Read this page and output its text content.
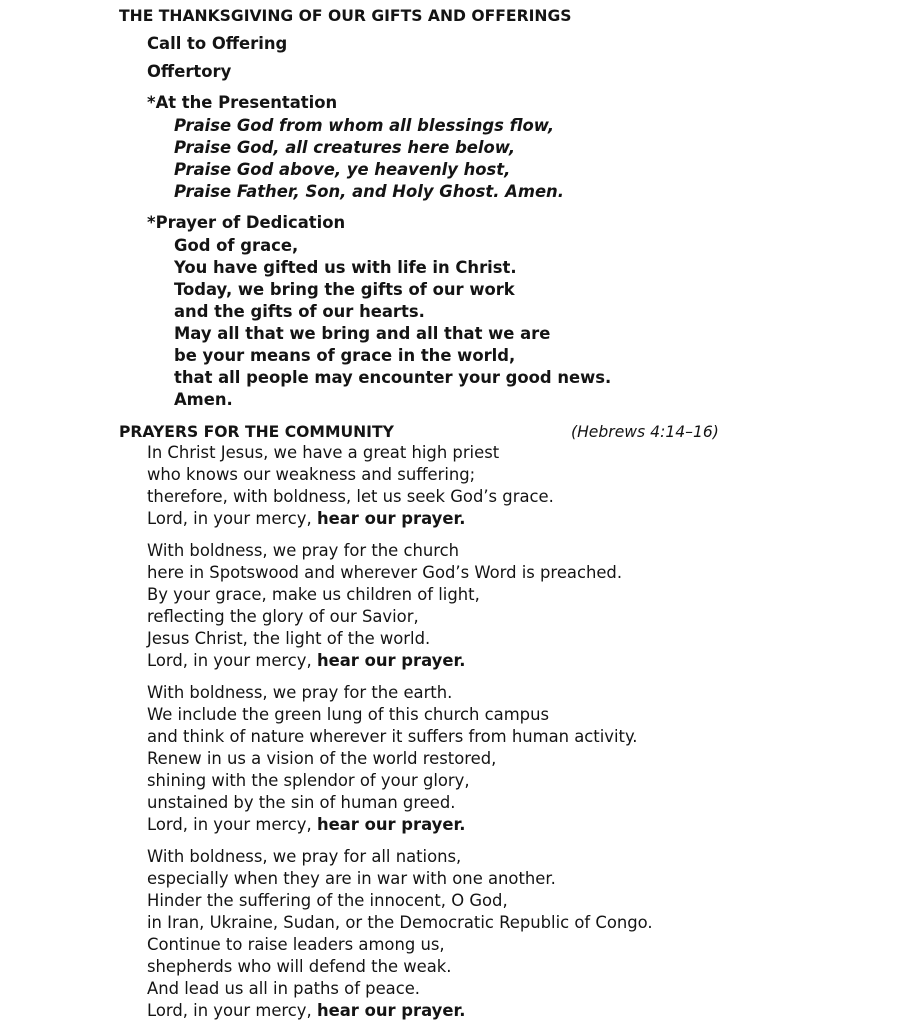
THE THANKSGIVING OF OUR GIFTS AND OFFERINGS
Call to Offering
Offertory
*At the Presentation
Praise God from whom all blessings flow,
Praise God, all creatures here below,
Praise God above, ye heavenly host,
Praise Father, Son, and Holy Ghost. Amen.
*Prayer of Dedication
God of grace,
You have gifted us with life in Christ.
Today, we bring the gifts of our work
and the gifts of our hearts.
May all that we bring and all that we are
be your means of grace in the world,
that all people may encounter your good news.
Amen.
PRAYERS FOR THE COMMUNITY	(Hebrews 4:14–16)
In Christ Jesus, we have a great high priest
who knows our weakness and suffering;
therefore, with boldness, let us seek God’s grace.
Lord, in your mercy, hear our prayer.
With boldness, we pray for the church
here in Spotswood and wherever God’s Word is preached.
By your grace, make us children of light,
reflecting the glory of our Savior,
Jesus Christ, the light of the world.
Lord, in your mercy, hear our prayer.
With boldness, we pray for the earth.
We include the green lung of this church campus
and think of nature wherever it suffers from human activity.
Renew in us a vision of the world restored,
shining with the splendor of your glory,
unstained by the sin of human greed.
Lord, in your mercy, hear our prayer.
With boldness, we pray for all nations,
especially when they are in war with one another.
Hinder the suffering of the innocent, O God,
in Iran, Ukraine, Sudan, or the Democratic Republic of Congo.
Continue to raise leaders among us,
shepherds who will defend the weak.
And lead us all in paths of peace.
Lord, in your mercy, hear our prayer.
